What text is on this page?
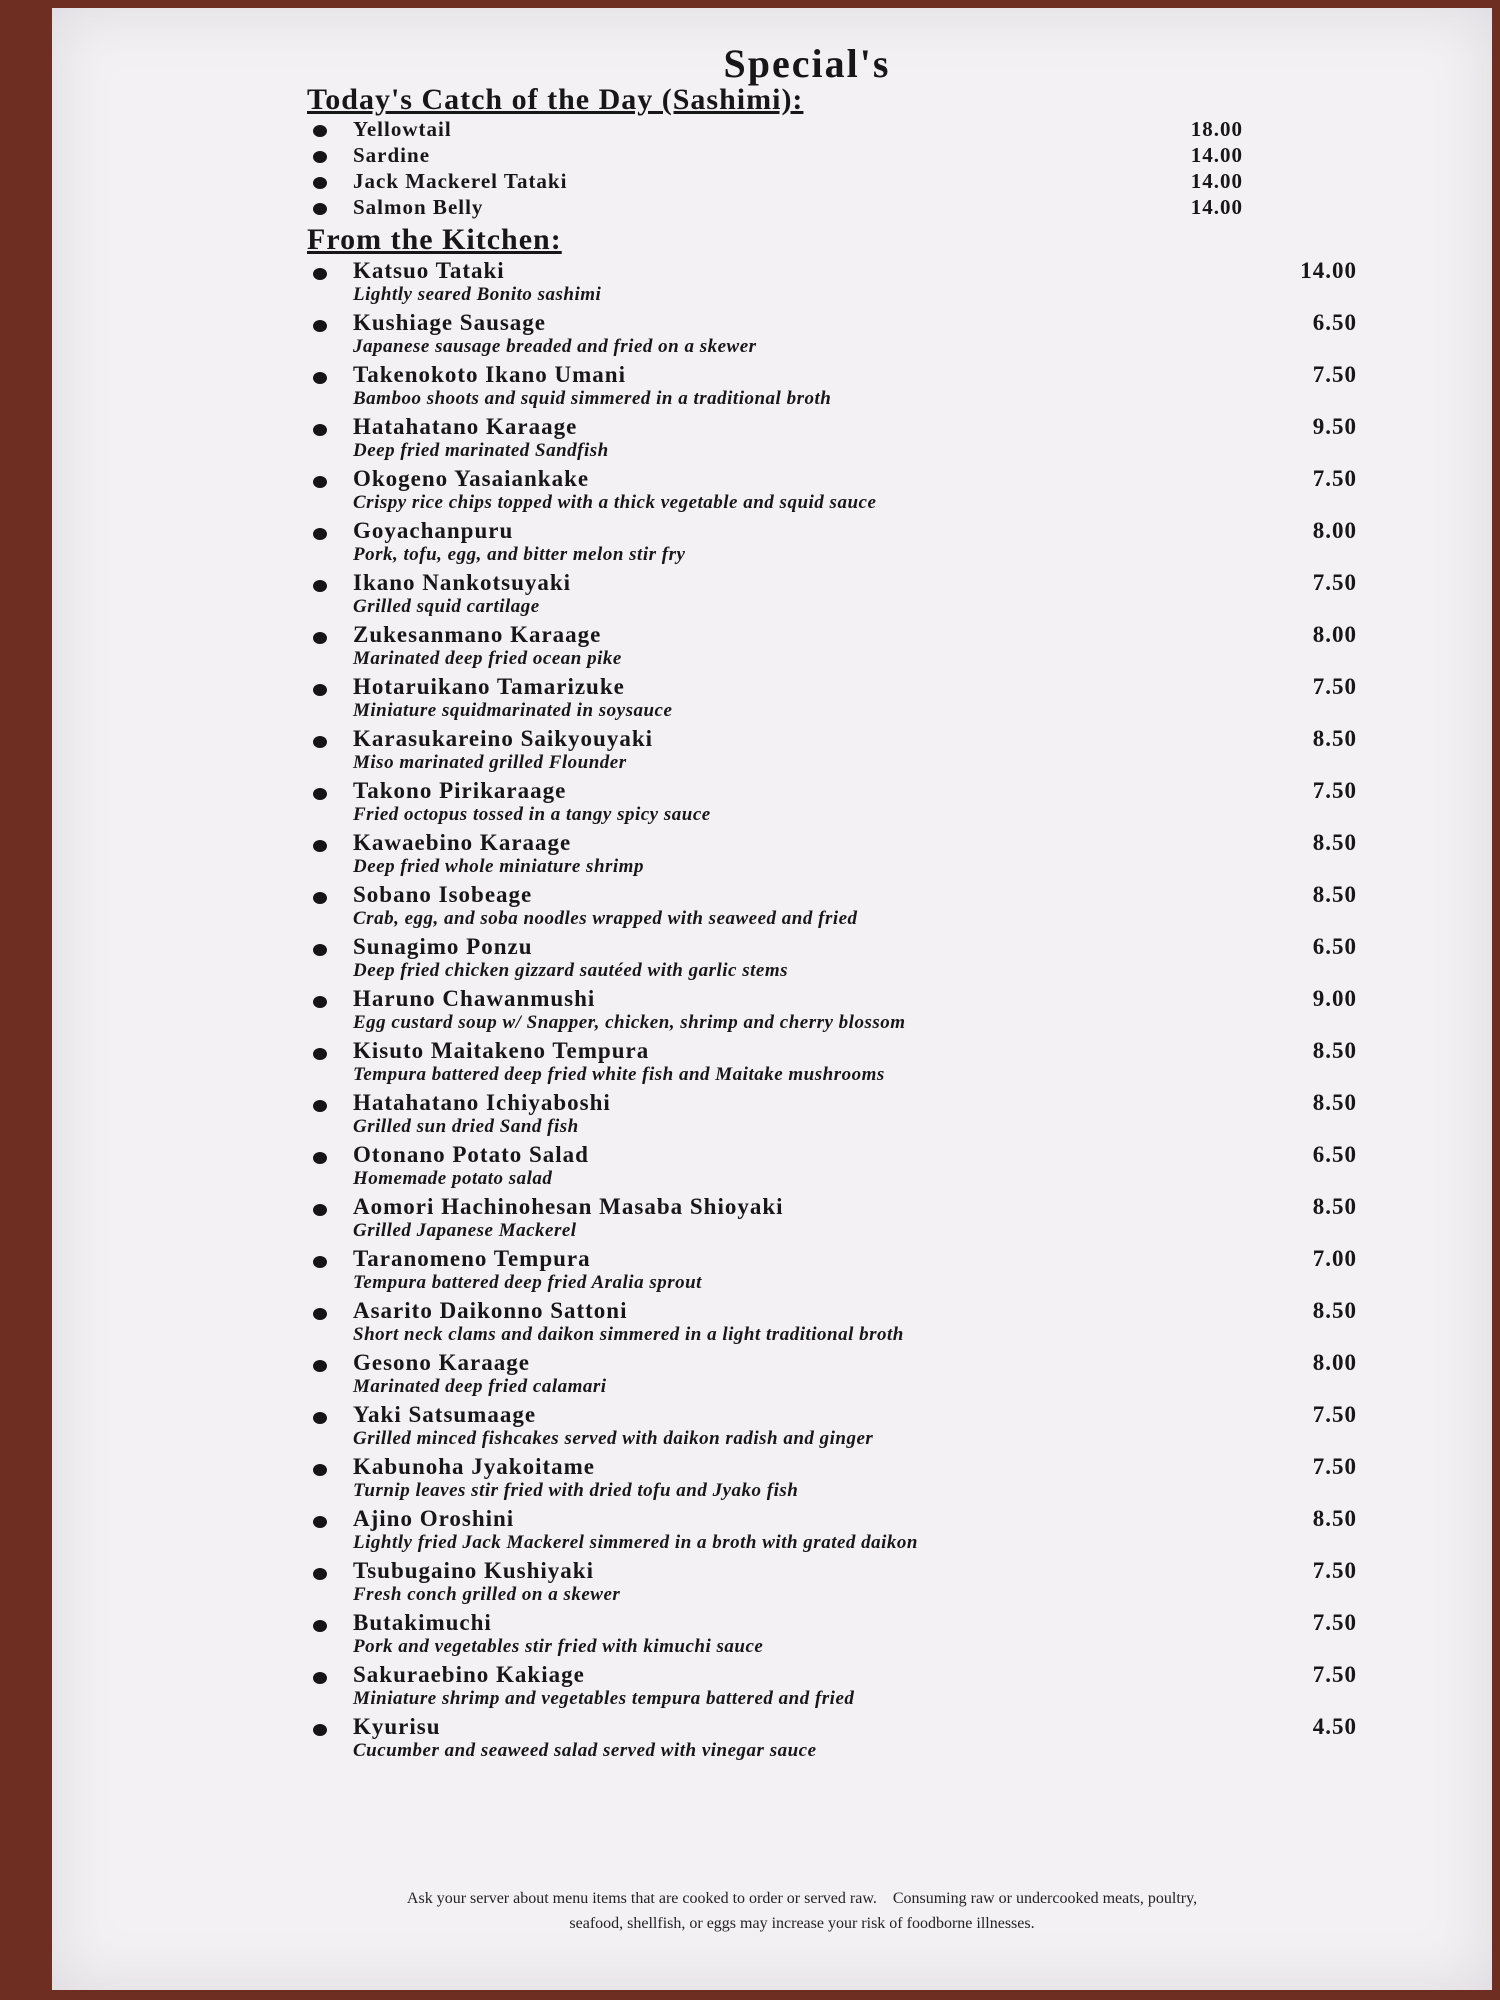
Special's
Today's Catch of the Day (Sashimi):
Yellowtail	18.00
Sardine	14.00
Jack Mackerel Tataki	14.00
Salmon Belly	14.00
From the Kitchen:
Katsuo Tataki	14.00
Lightly seared Bonito sashimi
Kushiage Sausage	6.50
Japanese sausage breaded and fried on a skewer
Takenokoto Ikano Umani	7.50
Bamboo shoots and squid simmered in a traditional broth
Hatahatano Karaage	9.50
Deep fried marinated Sandfish
Okogeno Yasaiankake	7.50
Crispy rice chips topped with a thick vegetable and squid sauce
Goyachanpuru	8.00
Pork, tofu, egg, and bitter melon stir fry
Ikano Nankotsuyaki	7.50
Grilled squid cartilage
Zukesanmano Karaage	8.00
Marinated deep fried ocean pike
Hotaruikano Tamarizuke	7.50
Miniature squidmarinated in soysauce
Karasukareino Saikyouyaki	8.50
Miso marinated grilled Flounder
Takono Pirikaraage	7.50
Fried octopus tossed in a tangy spicy sauce
Kawaebino Karaage	8.50
Deep fried whole miniature shrimp
Sobano Isobeage	8.50
Crab, egg, and soba noodles wrapped with seaweed and fried
Sunagimo Ponzu	6.50
Deep fried chicken gizzard sautéed with garlic stems
Haruno Chawanmushi	9.00
Egg custard soup w/ Snapper, chicken, shrimp and cherry blossom
Kisuto Maitakeno Tempura	8.50
Tempura battered deep fried white fish and Maitake mushrooms
Hatahatano Ichiyaboshi	8.50
Grilled sun dried Sand fish
Otonano Potato Salad	6.50
Homemade potato salad
Aomori Hachinohesan Masaba Shioyaki	8.50
Grilled Japanese Mackerel
Taranomeno Tempura	7.00
Tempura battered deep fried Aralia sprout
Asarito Daikonno Sattoni	8.50
Short neck clams and daikon simmered in a light traditional broth
Gesono Karaage	8.00
Marinated deep fried calamari
Yaki Satsumaage	7.50
Grilled minced fishcakes served with daikon radish and ginger
Kabunoha Jyakoitame	7.50
Turnip leaves stir fried with dried tofu and Jyako fish
Ajino Oroshini	8.50
Lightly fried Jack Mackerel simmered in a broth with grated daikon
Tsubugaino Kushiyaki	7.50
Fresh conch grilled on a skewer
Butakimuchi	7.50
Pork and vegetables stir fried with kimuchi sauce
Sakuraebino Kakiage	7.50
Miniature shrimp and vegetables tempura battered and fried
Kyurisu	4.50
Cucumber and seaweed salad served with vinegar sauce
Ask your server about menu items that are cooked to order or served raw.    Consuming raw or undercooked meats, poultry,
seafood, shellfish, or eggs may increase your risk of foodborne illnesses.
